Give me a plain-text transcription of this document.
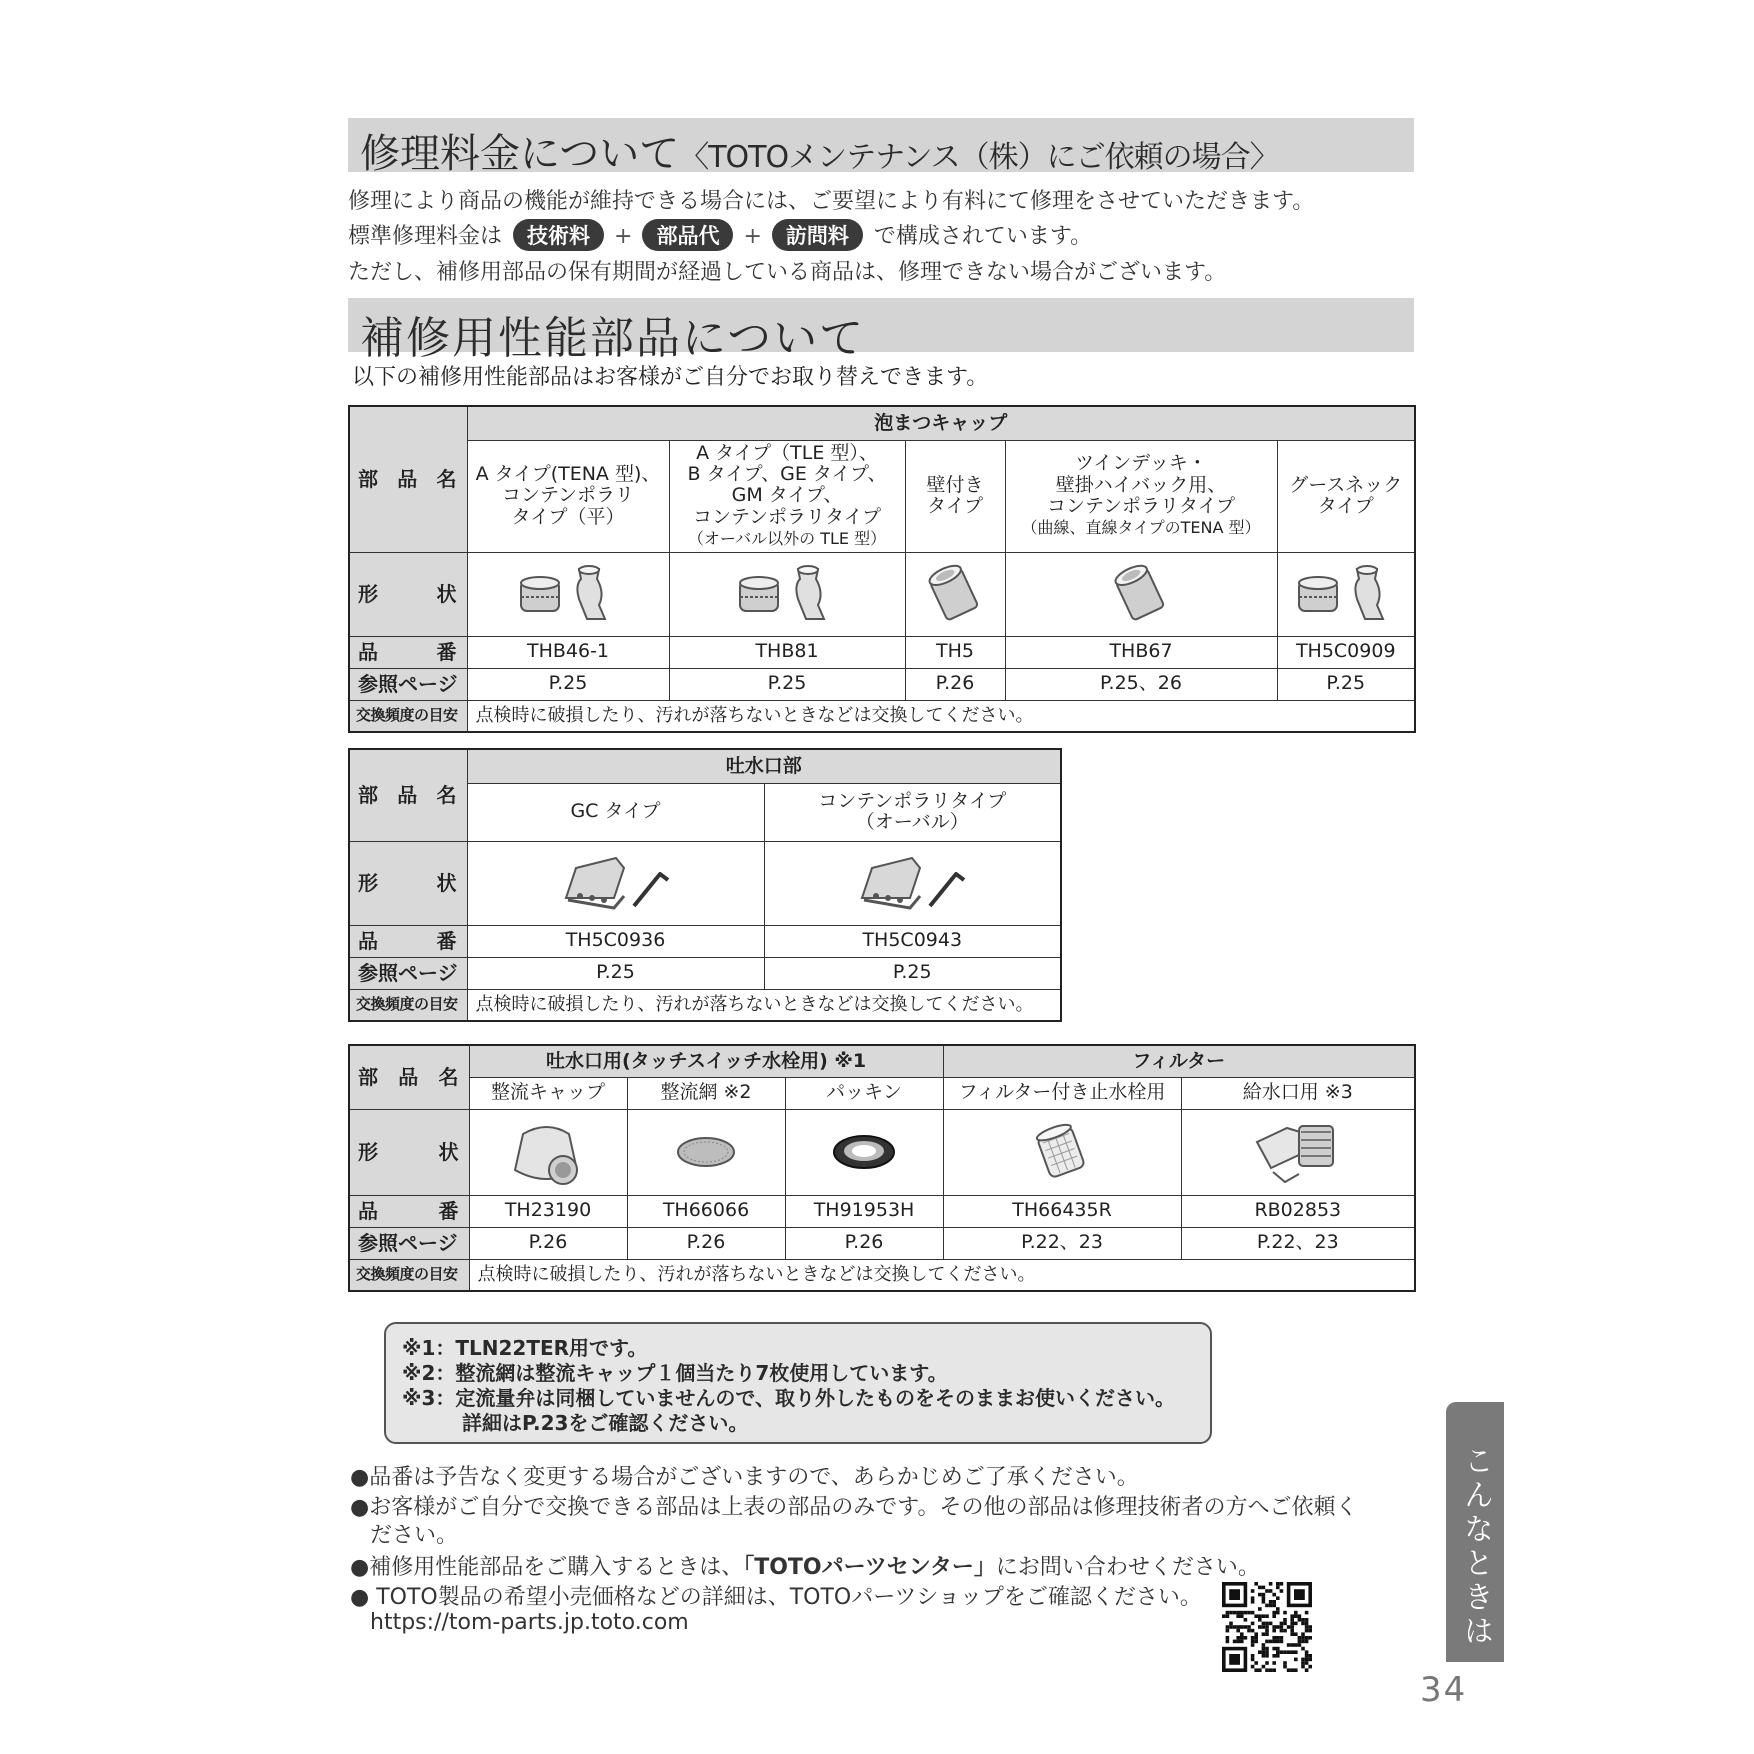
修理料金について〈TOTOメンテナンス（株）にご依頼の場合〉
修理により商品の機能が維持できる場合には、ご要望により有料にて修理をさせていただきます。
標準修理料金は 技術料 + 部品代 + 訪問料 で構成されています。
ただし、補修用部品の保有期間が経過している商品は、修理できない場合がございます。
補修用性能部品について
以下の補修用性能部品はお客様がご自分でお取り替えできます。
部 品 名	泡まつキャップ				
	A タイプ(TENA 型)、
コンテンポラリ
タイプ（平）	A タイプ（TLE 型）、
B タイプ、GE タイプ、
GM タイプ、
コンテンポラリタイプ
（オーバル以外の TLE 型）	壁付き
タイプ	ツインデッキ・
壁掛ハイバック用、
コンテンポラリタイプ
（曲線、直線タイプのTENA 型）	グースネック
タイプ

形 状

品 番	THB46-1	THB81	TH5	THB67	TH5C0909
参照ページ	P.25	P.25	P.26	P.25、26	P.25
交換頻度の目安	点検時に破損したり、汚れが落ちないときなどは交換してください。				
部 品 名	吐水口部	
	GC タイプ	コンテンポラリタイプ
（オーバル）

形 状

品 番	TH5C0936	TH5C0943
参照ページ	P.25	P.25
交換頻度の目安	点検時に破損したり、汚れが落ちないときなどは交換してください。	
部 品 名	吐水口用(タッチスイッチ水栓用) ※1			フィルター	
	整流キャップ	整流網 ※2	パッキン	フィルター付き止水栓用	給水口用 ※3

形 状

品 番	TH23190	TH66066	TH91953H	TH66435R	RB02853
参照ページ	P.26	P.26	P.26	P.22、23	P.22、23
交換頻度の目安	点検時に破損したり、汚れが落ちないときなどは交換してください。				
※1：TLN22TER用です。
※2：整流網は整流キャップ１個当たり7枚使用しています。
※3：定流量弁は同梱していませんので、取り外したものをそのままお使いください。
　　　詳細はP.23をご確認ください。
●品番は予告なく変更する場合がございますので、あらかじめご了承ください。
●お客様がご自分で交換できる部品は上表の部品のみです。その他の部品は修理技術者の方へご依頼く
ださい。
●補修用性能部品をご購入するときは、「TOTOパーツセンター」にお問い合わせください。
● TOTO製品の希望小売価格などの詳細は、TOTOパーツショップをご確認ください。
https://tom-parts.jp.toto.com	こんなときは
34
